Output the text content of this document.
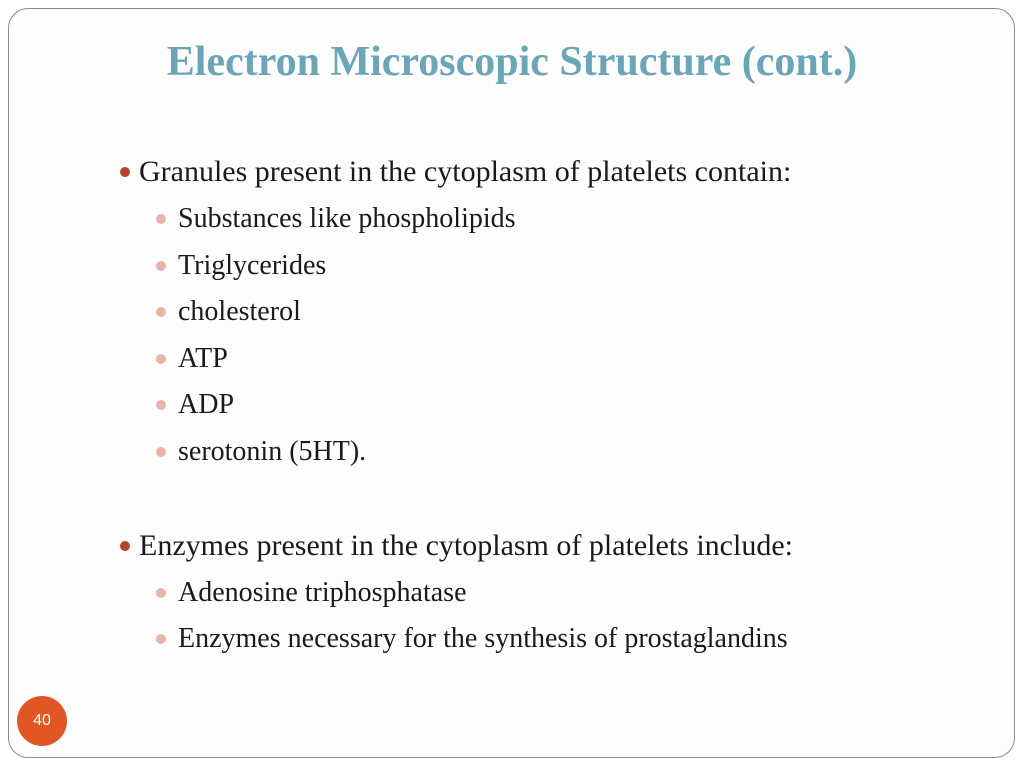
Electron Microscopic Structure (cont.)
Granules present in the cytoplasm of platelets contain:
Substances like phospholipids
Triglycerides
cholesterol
ATP
ADP
serotonin (5HT).
Enzymes present in the cytoplasm of platelets include:
Adenosine triphosphatase
Enzymes necessary for the synthesis of prostaglandins
40
